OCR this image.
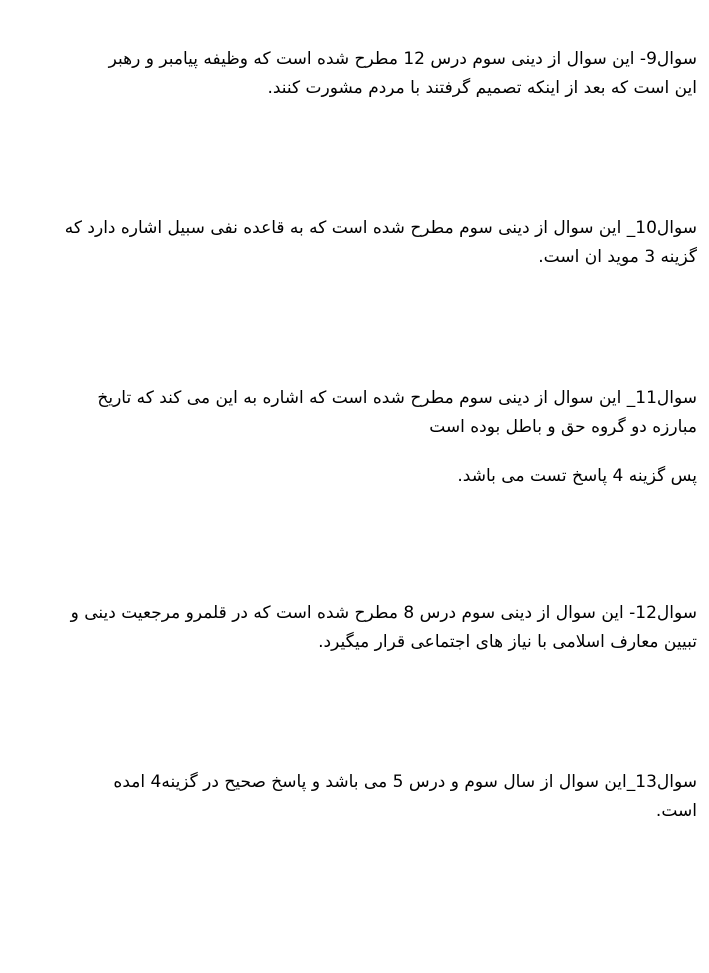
سوال9- این سوال از دینی سوم درس 12 مطرح شده است که وظیفه پیامبر و رهبر

این است که بعد از اینکه تصمیم گرفتند با مردم مشورت کنند.

سوال10_ این سوال از دینی سوم مطرح شده است که به قاعده نفی سبیل اشاره دارد که

گزینه 3 موید ان است.

سوال11_ این سوال از دینی سوم مطرح شده است که اشاره به این می کند که تاریخ

مبارزه دو گروه حق و باطل بوده است

پس گزینه 4 پاسخ تست می باشد.

سوال12- این سوال از دینی سوم درس 8 مطرح شده است که در قلمرو مرجعیت دینی و

تبیین معارف اسلامی با نیاز های اجتماعی قرار میگیرد.

سوال13_این سوال از سال سوم و درس 5 می باشد و پاسخ صحیح در گزینه4 امده

است.
